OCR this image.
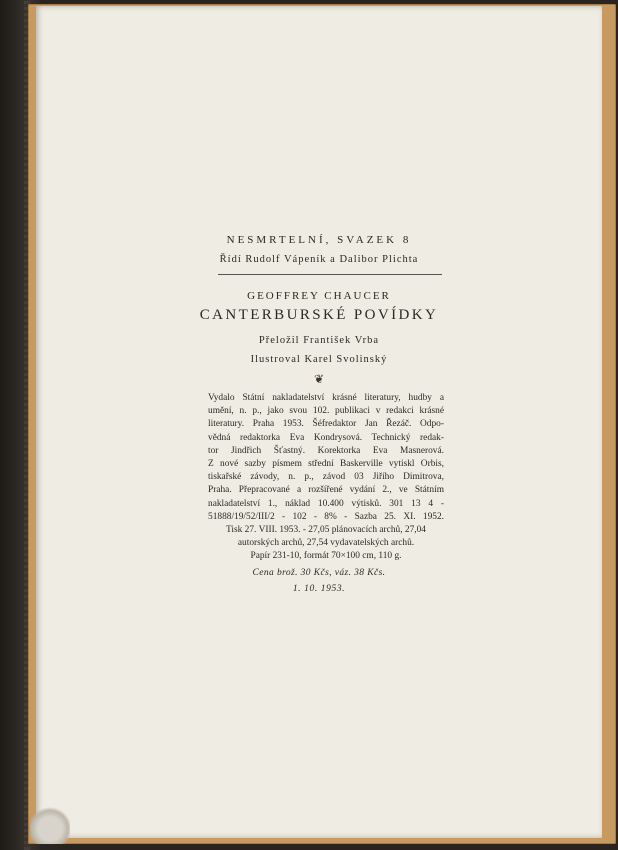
NESMRTELNÍ, SVAZEK 8
Řídí Rudolf Vápeník a Dalibor Plichta
GEOFFREY CHAUCER
CANTERBURSKÉ POVÍDKY
Přeložil František Vrba
Ilustroval Karel Svolinský
❦

Vydalo Státní nakladatelství krásné literatury, hudby a

umění, n. p., jako svou 102. publikaci v redakci krásné

literatury. Praha 1953. Šéfredaktor Jan Řezáč. Odpo-

vědná redaktorka Eva Kondrysová. Technický redak-

tor Jindřich Šťastný. Korektorka Eva Masnerová.

Z nové sazby písmem střední Baskerville vytiskl Orbis,

tiskařské závody, n. p., závod 03 Jiřího Dimitrova,

Praha. Přepracované a rozšířené vydání 2., ve Státním

nakladatelství 1., náklad 10.400 výtisků. 301 13 4 -

51888/19/52/III/2 - 102 - 8% - Sazba 25. XI. 1952.

Tisk 27. VIII. 1953. - 27,05 plánovacích archů, 27,04

autorských archů, 27,54 vydavatelských archů.

Papír 231-10, formát 70×100 cm, 110 g.

Cena brož. 30 Kčs, váz. 38 Kčs.
1. 10. 1953.
